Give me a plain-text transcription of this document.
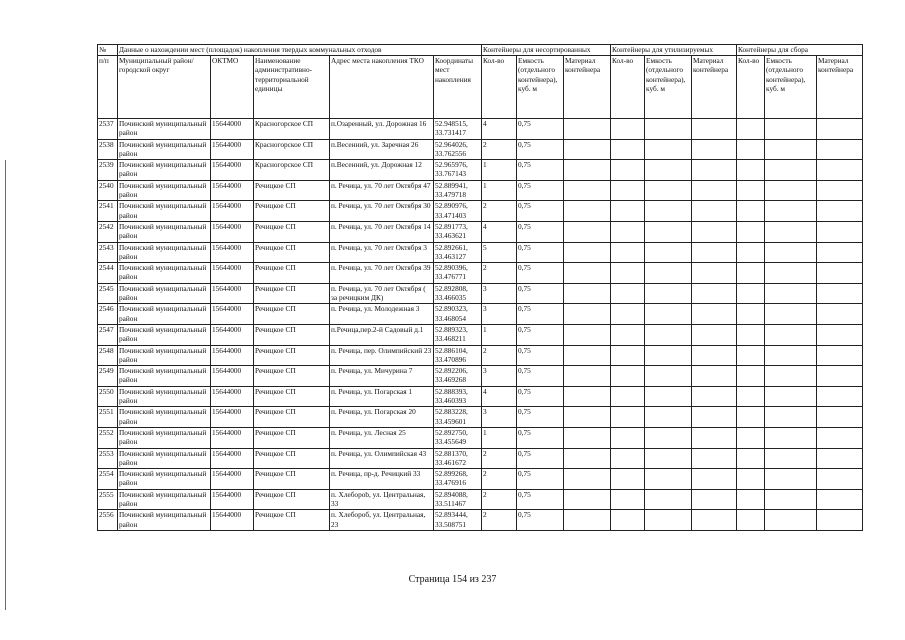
№	Данные о нахождении мест (площадок) накопления твердых коммунальных отходов					Контейнеры для несортированных			Контейнеры для утилизируемых			Контейнеры для сбора		
п/п	Муниципальный район/городской округ	ОКТМО	Наименование административно-территориальной единицы	Адрес места накопления ТКО	Координаты мест накопления	Кол-во	Емкость (отдельного контейнера), куб. м	Материал контейнера	Кол-во	Емкость (отдельного контейнера), куб. м	Материал контейнера	Кол-во	Емкость (отдельного контейнера), куб. м	Материал контейнера
2537	Починский муниципальный район	15644000	Красногорское СП	п.Озаренный, ул. Дорожная 16	52.948515, 33.731417	4	0,75							
2538	Починский муниципальный район	15644000	Красногорское СП	п.Весенний, ул. Заречная 26	52.964026, 33.762556	2	0,75							
2539	Починский муниципальный район	15644000	Красногорское СП	п.Весенний, ул. Дорожная 12	52.965976, 33.767143	1	0,75							
2540	Починский муниципальный район	15644000	Речицкое СП	п. Речица, ул. 70 лет Октября 47	52.889941, 33.479718	1	0,75							
2541	Починский муниципальный район	15644000	Речицкое СП	п. Речица, ул. 70 лет Октября 30	52.890976, 33.471403	2	0,75							
2542	Починский муниципальный район	15644000	Речицкое СП	п. Речица, ул. 70 лет Октября 14	52.891773, 33.463621	4	0,75							
2543	Починский муниципальный район	15644000	Речицкое СП	п. Речица, ул. 70 лет Октября 3	52.892661, 33.463127	5	0,75							
2544	Починский муниципальный район	15644000	Речицкое СП	п. Речица, ул. 70 лет Октября 39	52.890396, 33.476771	2	0,75							
2545	Починский муниципальный район	15644000	Речицкое СП	п. Речица, ул. 70 лет Октября ( за речицким ДК)	52.892808, 33.466035	3	0,75							
2546	Починский муниципальный район	15644000	Речицкое СП	п. Речица, ул. Молодежная 3	52.890323, 33.468054	3	0,75							
2547	Починский муниципальный район	15644000	Речицкое СП	п.Речица,пер.2-й Садовый д.1	52.889323, 33.468211	1	0,75							
2548	Починский муниципальный район	15644000	Речицкое СП	п. Речица, пер. Олимпийский 23	52.886104, 33.470896	2	0,75							
2549	Починский муниципальный район	15644000	Речицкое СП	п. Речица, ул. Мичурина 7	52.892206, 33.469268	3	0,75							
2550	Починский муниципальный район	15644000	Речицкое СП	п. Речица, ул. Погарская 1	52.888393, 33.460393	4	0,75							
2551	Починский муниципальный район	15644000	Речицкое СП	п. Речица, ул. Погарская 20	52.883228, 33.459601	3	0,75							
2552	Починский муниципальный район	15644000	Речицкое СП	п. Речица, ул. Лесная 25	52.892750, 33.455649	1	0,75							
2553	Починский муниципальный район	15644000	Речицкое СП	п. Речица, ул. Олимпийская 43	52.881370, 33.461672	2	0,75							
2554	Починский муниципальный район	15644000	Речицкое СП	п. Речица, пр-д. Речицкий 33	52.899268, 33.476916	2	0,75							
2555	Починский муниципальный район	15644000	Речицкое СП	п. Хлеборob, ул. Центральная, 33	52.894088, 33.511467	2	0,75							
2556	Починский муниципальный район	15644000	Речицкое СП	п. Хлебороб, ул. Центральная, 23	52.893444, 33.508751	2	0,75							
Страница 154 из 237
